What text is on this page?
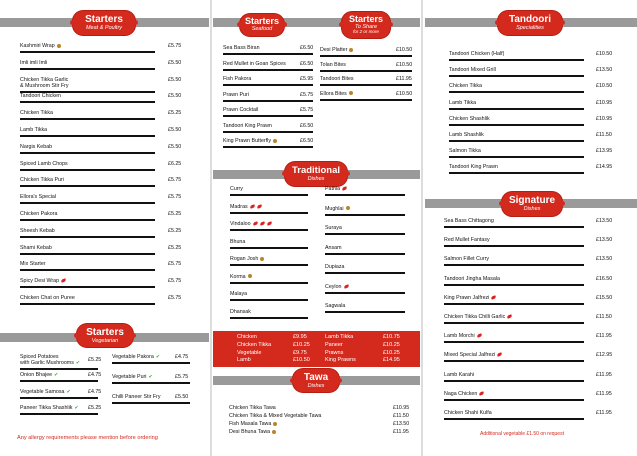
Starters
Meat & Poultry
Kashmiri Wrap	£5.75
Imli imli Imli	£5.50
Chicken Tikka Garlic
& Mushroom Stir Fry
£5.50
Tandoori Chicken	£5.50
Chicken Tikka	£5.25
Lamb Tikka	£5.50
Nargis Kebab	£5.50
Spiced Lamb Chops	£6.25
Chicken Tikka Puri	£5.75
Ellora's Special	£5.75
Chicken Pakora	£5.25
Sheesh Kebab	£5.25
Shami Kebab	£5.25
Mix Starter	£5.75
Spicy Desi Wrap	£5.75
Chicken Chat on Puree	£5.75
Starters
Vegetarian
Spiced Potatoes
with Garlic Mushrooms ✔ £5.25
Onion Bhajee ✔	£4.75
Vegetable Samosa ✔	£4.75
Paneer Tikka Shashlik ✔ £5.25
Vegetable Pakora ✔	£4.75
Vegetable Puri ✔	£5.75
Chilli Paneer Stir Fry	£5.50
Any allergy requirements please mention before ordering
Starters
Seafood
Starters
To Share
for 2 or more
Sea Bass Biran	£6.50
Red Mullet in Goan Spices	£6.50
Fish Pakora	£5.95
Prawn Puri	£5.75
Prawn Cocktail	£5.75
Tandoori King Prawn	£6.50
King Prawn Butterfly	£6.50
Desi Platter	£10.50
Tolan Bites	£10.50
Tandoori Bites	£11.95
Ellora Bites	£10.50
Traditional
Dishes
Curry
Madras
Vindaloo
Bhuna
Rogan Josh
Korma
Malaya
Dhansak
Pathia
Mughlai
Suraya
Ansam
Dupiaza
Ceylon
Sagwala
Chicken	£9.95
Chicken Tikka	£10.25
Vegetable	£9.75
Lamb	£10.50
Lamb Tikka	£10.75
Paneer	£10.25
Prawns	£10.25
King Prawns	£14.95
Tawa
Dishes
Chicken Tikka Tawa	£10.95
Chicken Tikka & Mixed Vegetable Tawa	£11.50
Fish Masala Tawa	£13.50
Desi Bhuna Tawa	£11.95
Tandoori
Specialities
Tandoori Chicken (Half)	£10.50
Tandoori Mixed Grill	£13.50
Chicken Tikka	£10.50
Lamb Tikka	£10.95
Chicken Shashlik	£10.95
Lamb Shashlik	£11.50
Salmon Tikka	£13.95
Tandoori King Prawn	£14.95
Signature
Dishes
Sea Bass Chittagong	£13.50
Red Mullet Fantasy	£13.50
Salmon Fillet Curry	£13.50
Tandoori Jingha Masala	£16.50
King Prawn Jalfrezi	£15.50
Chicken Tikka Chilli Garlic	£11.50
Lamb Morchi	£11.95
Mixed Special Jalfrezi	£12.95
Lamb Karahi	£11.95
Naga Chicken	£11.95
Chicken Shahi Kulfa	£11.95
Additional vegetable £1.50 on request
